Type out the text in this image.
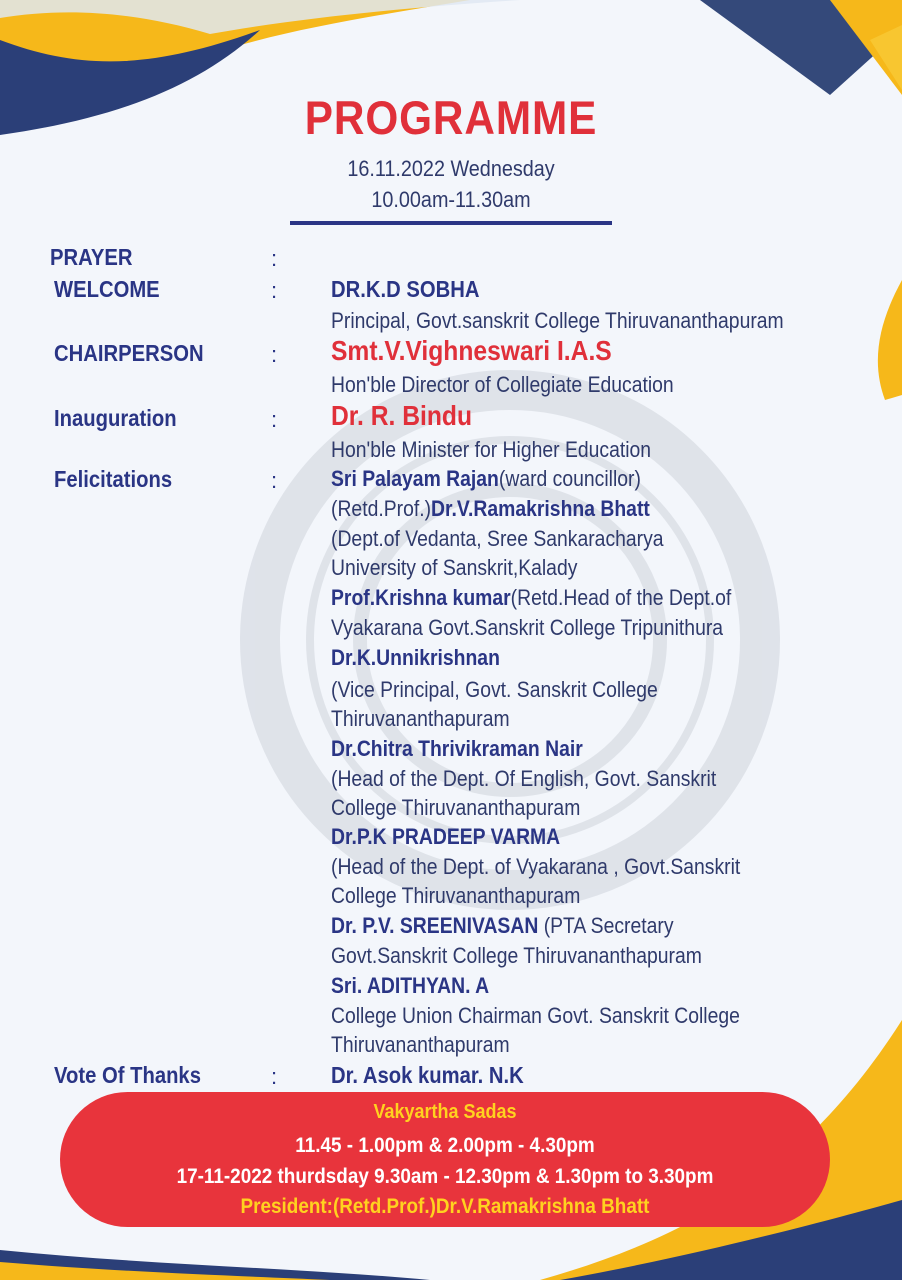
PROGRAMME
16.11.2022 Wednesday
10.00am-11.30am
PRAYER	:
WELCOME	: DR.K.D SOBHA
Principal, Govt.sanskrit College Thiruvananthapuram
CHAIRPERSON	: Smt.V.Vighneswari I.A.S
Hon'ble Director of Collegiate Education
Inauguration	: Dr. R. Bindu
Hon'ble Minister for Higher Education
Felicitations	: Sri Palayam Rajan(ward councillor)
(Retd.Prof.)Dr.V.Ramakrishna Bhatt
(Dept.of Vedanta, Sree Sankaracharya
University of Sanskrit,Kalady
Prof.Krishna kumar(Retd.Head of the Dept.of
Vyakarana Govt.Sanskrit College Tripunithura
Dr.K.Unnikrishnan
(Vice Principal, Govt. Sanskrit College
Thiruvananthapuram
Dr.Chitra Thrivikraman Nair
(Head of the Dept. Of English, Govt. Sanskrit
College Thiruvananthapuram
Dr.P.K PRADEEP VARMA
(Head of the Dept. of Vyakarana , Govt.Sanskrit
College Thiruvananthapuram
Dr. P.V. SREENIVASAN (PTA Secretary
Govt.Sanskrit College Thiruvananthapuram
Sri. ADITHYAN. A
College Union Chairman Govt. Sanskrit College
Thiruvananthapuram
Vote Of Thanks	: Dr. Asok kumar. N.K
Vakyartha Sadas
11.45 - 1.00pm & 2.00pm - 4.30pm
17-11-2022 thurdsday 9.30am - 12.30pm & 1.30pm to 3.30pm
President:(Retd.Prof.)Dr.V.Ramakrishna Bhatt
